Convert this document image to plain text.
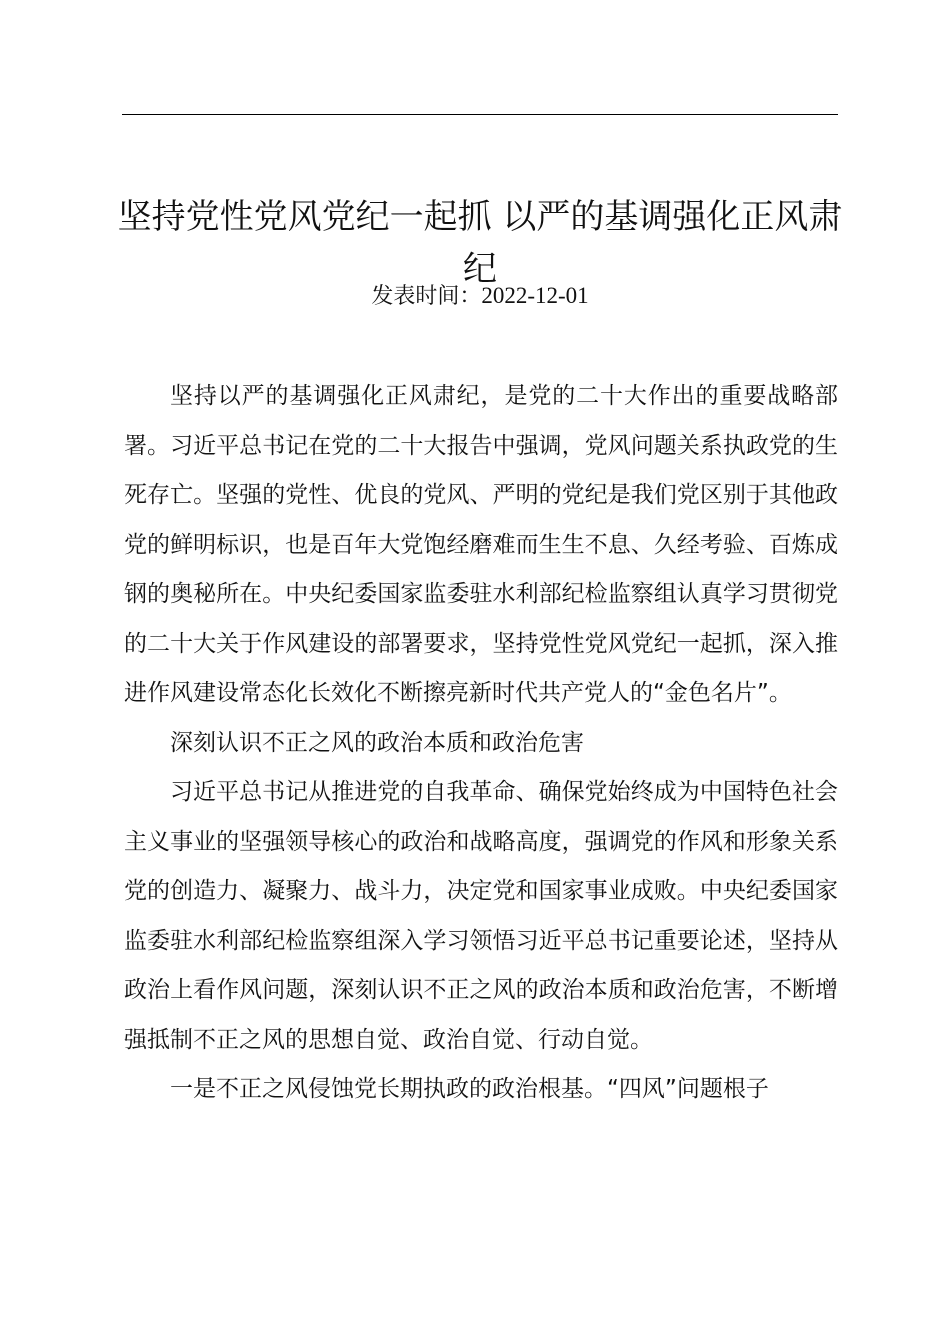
坚持党性党风党纪一起抓 以严的基调强化正风肃纪
发表时间：2022-12-01

坚持以严的基调强化正风肃纪，是党的二十大作出的重要战略部署。习近平总书记在党的二十大报告中强调，党风问题关系执政党的生死存亡。坚强的党性、优良的党风、严明的党纪是我们党区别于其他政党的鲜明标识，也是百年大党饱经磨难而生生不息、久经考验、百炼成钢的奥秘所在。中央纪委国家监委驻水利部纪检监察组认真学习贯彻党的二十大关于作风建设的部署要求，坚持党性党风党纪一起抓，深入推进作风建设常态化长效化不断擦亮新时代共产党人的“金色名片”。

深刻认识不正之风的政治本质和政治危害

习近平总书记从推进党的自我革命、确保党始终成为中国特色社会主义事业的坚强领导核心的政治和战略高度，强调党的作风和形象关系党的创造力、凝聚力、战斗力，决定党和国家事业成败。中央纪委国家监委驻水利部纪检监察组深入学习领悟习近平总书记重要论述，坚持从政治上看作风问题，深刻认识不正之风的政治本质和政治危害，不断增强抵制不正之风的思想自觉、政治自觉、行动自觉。

一是不正之风侵蚀党长期执政的政治根基。“四风”问题根子
